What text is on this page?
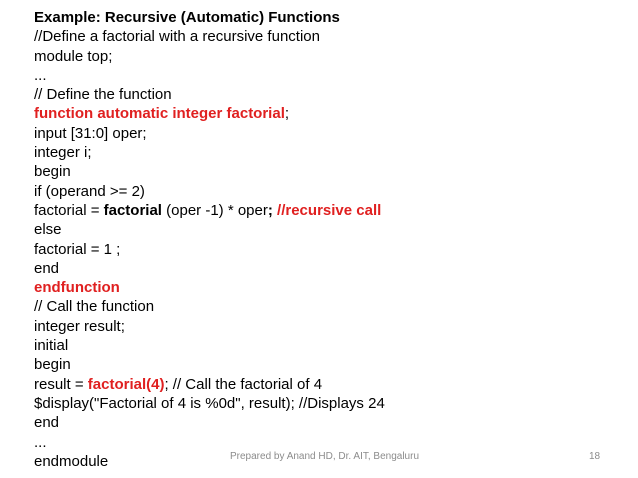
Example: Recursive (Automatic) Functions
//Define a factorial with a recursive function
module top;
...
// Define the function
function automatic integer factorial;
input [31:0] oper;
integer i;
begin
if (operand >= 2)
factorial = factorial (oper -1) * oper; //recursive call
else
factorial = 1 ;
end
endfunction
// Call the function
integer result;
initial
begin
result = factorial(4); // Call the factorial of 4
$display("Factorial of 4 is %0d", result); //Displays 24
end
...
endmodule	Prepared by Anand HD, Dr. AIT, Bengaluru	18
